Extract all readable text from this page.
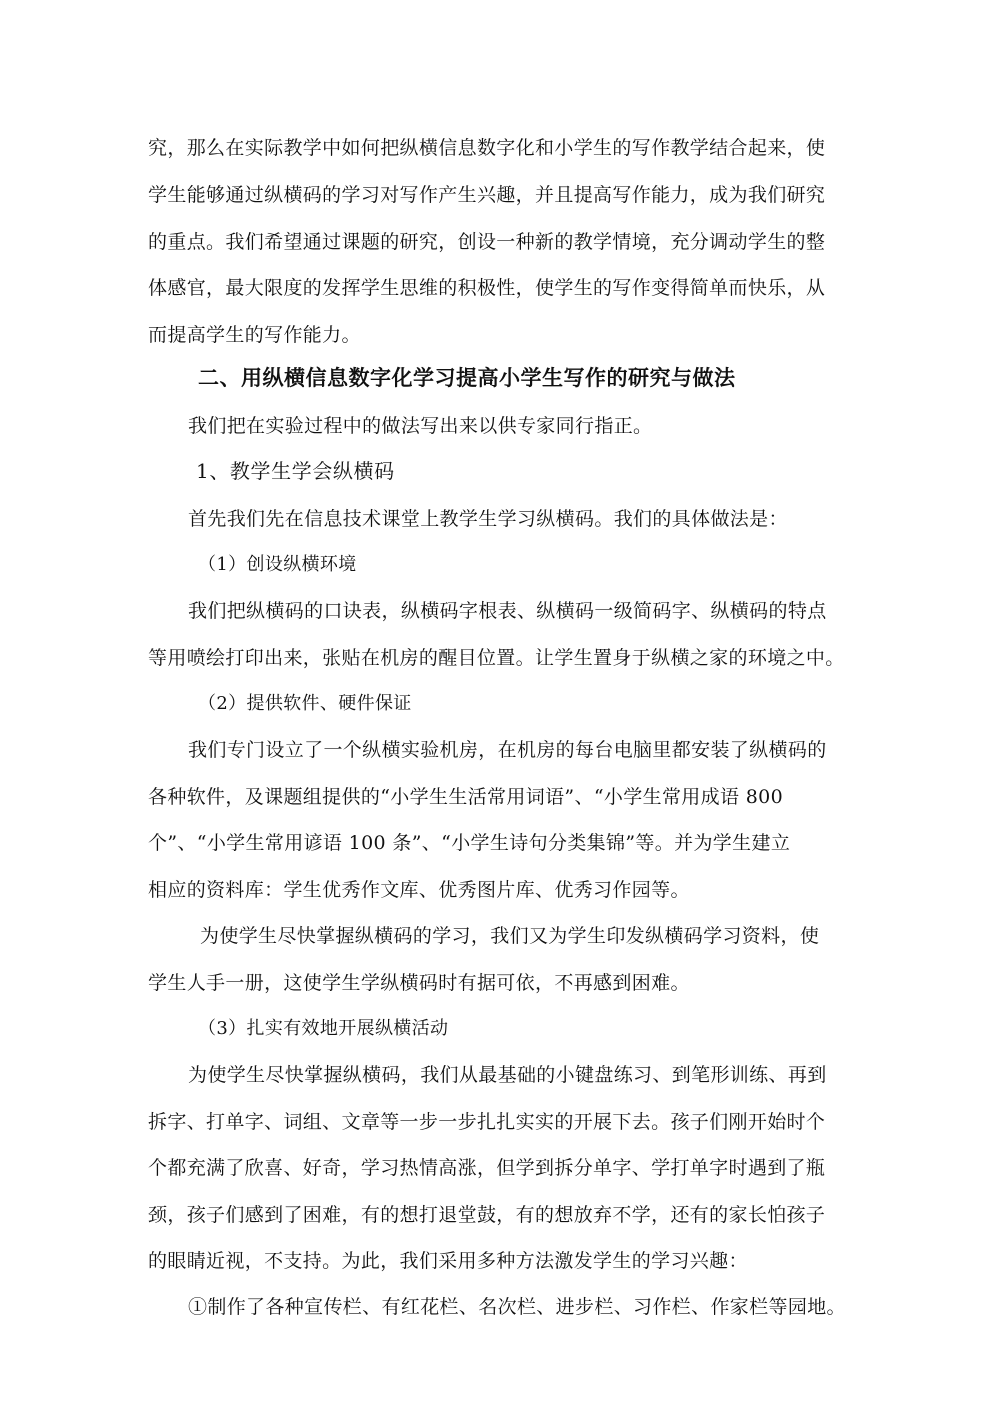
究，那么在实际教学中如何把纵横信息数字化和小学生的写作教学结合起来，使
学生能够通过纵横码的学习对写作产生兴趣，并且提高写作能力，成为我们研究
的重点。我们希望通过课题的研究，创设一种新的教学情境，充分调动学生的整
体感官，最大限度的发挥学生思维的积极性，使学生的写作变得简单而快乐，从
而提高学生的写作能力。
二、用纵横信息数字化学习提高小学生写作的研究与做法
我们把在实验过程中的做法写出来以供专家同行指正。
1、教学生学会纵横码
首先我们先在信息技术课堂上教学生学习纵横码。我们的具体做法是：
（1）创设纵横环境
我们把纵横码的口诀表，纵横码字根表、纵横码一级简码字、纵横码的特点
等用喷绘打印出来，张贴在机房的醒目位置。让学生置身于纵横之家的环境之中。
（2）提供软件、硬件保证
我们专门设立了一个纵横实验机房，在机房的每台电脑里都安装了纵横码的
各种软件，及课题组提供的“小学生生活常用词语”、“小学生常用成语 800
个”、“小学生常用谚语 100 条”、“小学生诗句分类集锦”等。并为学生建立
相应的资料库：学生优秀作文库、优秀图片库、优秀习作园等。
为使学生尽快掌握纵横码的学习，我们又为学生印发纵横码学习资料，使
学生人手一册，这使学生学纵横码时有据可依，不再感到困难。
（3）扎实有效地开展纵横活动
为使学生尽快掌握纵横码，我们从最基础的小键盘练习、到笔形训练、再到
拆字、打单字、词组、文章等一步一步扎扎实实的开展下去。孩子们刚开始时个
个都充满了欣喜、好奇，学习热情高涨，但学到拆分单字、学打单字时遇到了瓶
颈，孩子们感到了困难，有的想打退堂鼓，有的想放弃不学，还有的家长怕孩子
的眼睛近视，不支持。为此，我们采用多种方法激发学生的学习兴趣：
①制作了各种宣传栏、有红花栏、名次栏、进步栏、习作栏、作家栏等园地。
